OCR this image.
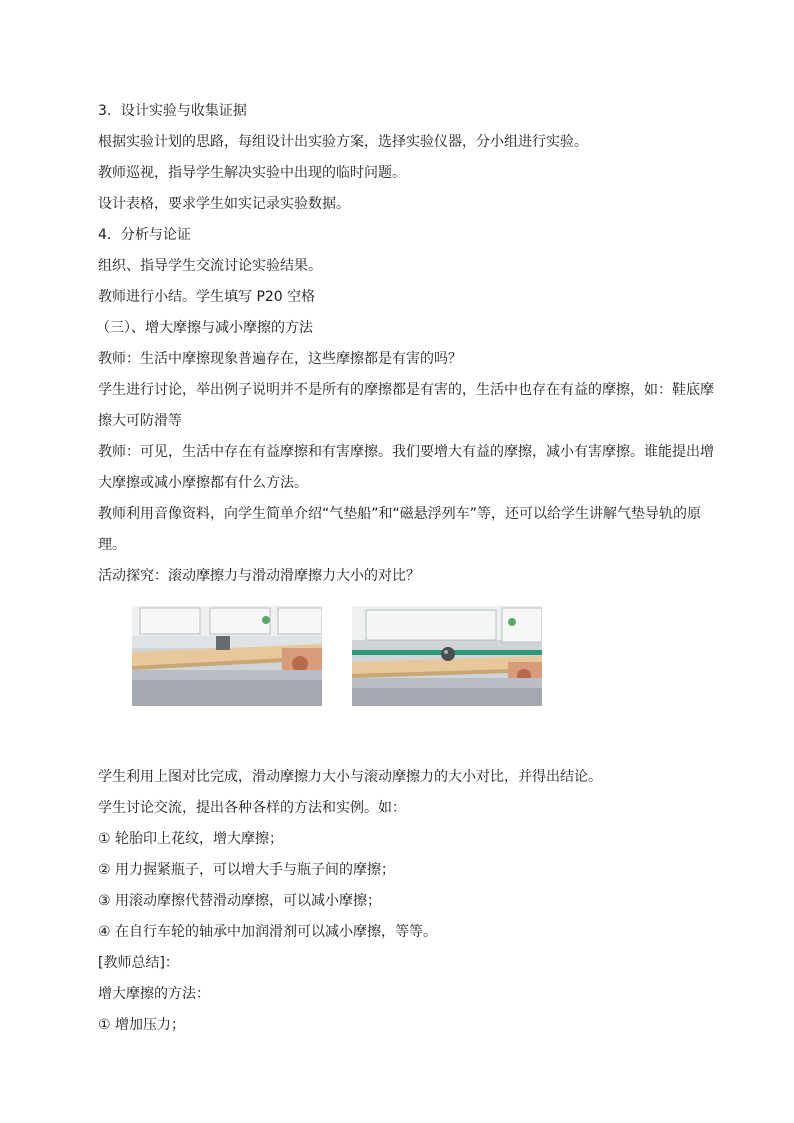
3．设计实验与收集证据
根据实验计划的思路，每组设计出实验方案，选择实验仪器，分小组进行实验。
教师巡视，指导学生解决实验中出现的临时问题。
设计表格，要求学生如实记录实验数据。
4．分析与论证
组织、指导学生交流讨论实验结果。
教师进行小结。学生填写 P20 空格
（三）、增大摩擦与减小摩擦的方法
教师：生活中摩擦现象普遍存在，这些摩擦都是有害的吗？
学生进行讨论，举出例子说明并不是所有的摩擦都是有害的，生活中也存在有益的摩擦，如：鞋底摩擦大可防滑等
教师：可见，生活中存在有益摩擦和有害摩擦。我们要增大有益的摩擦，减小有害摩擦。谁能提出增大摩擦或减小摩擦都有什么方法。
教师利用音像资料，向学生简单介绍“气垫船”和“磁悬浮列车”等，还可以给学生讲解气垫导轨的原理。
活动探究：滚动摩擦力与滑动滑摩擦力大小的对比？
学生利用上图对比完成，滑动摩擦力大小与滚动摩擦力的大小对比，并得出结论。
学生讨论交流，提出各种各样的方法和实例。如：
① 轮胎印上花纹，增大摩擦；
② 用力握紧瓶子，可以增大手与瓶子间的摩擦；
③ 用滚动摩擦代替滑动摩擦，可以减小摩擦；
④ 在自行车轮的轴承中加润滑剂可以减小摩擦，等等。
[教师总结]：
增大摩擦的方法：
① 增加压力；
